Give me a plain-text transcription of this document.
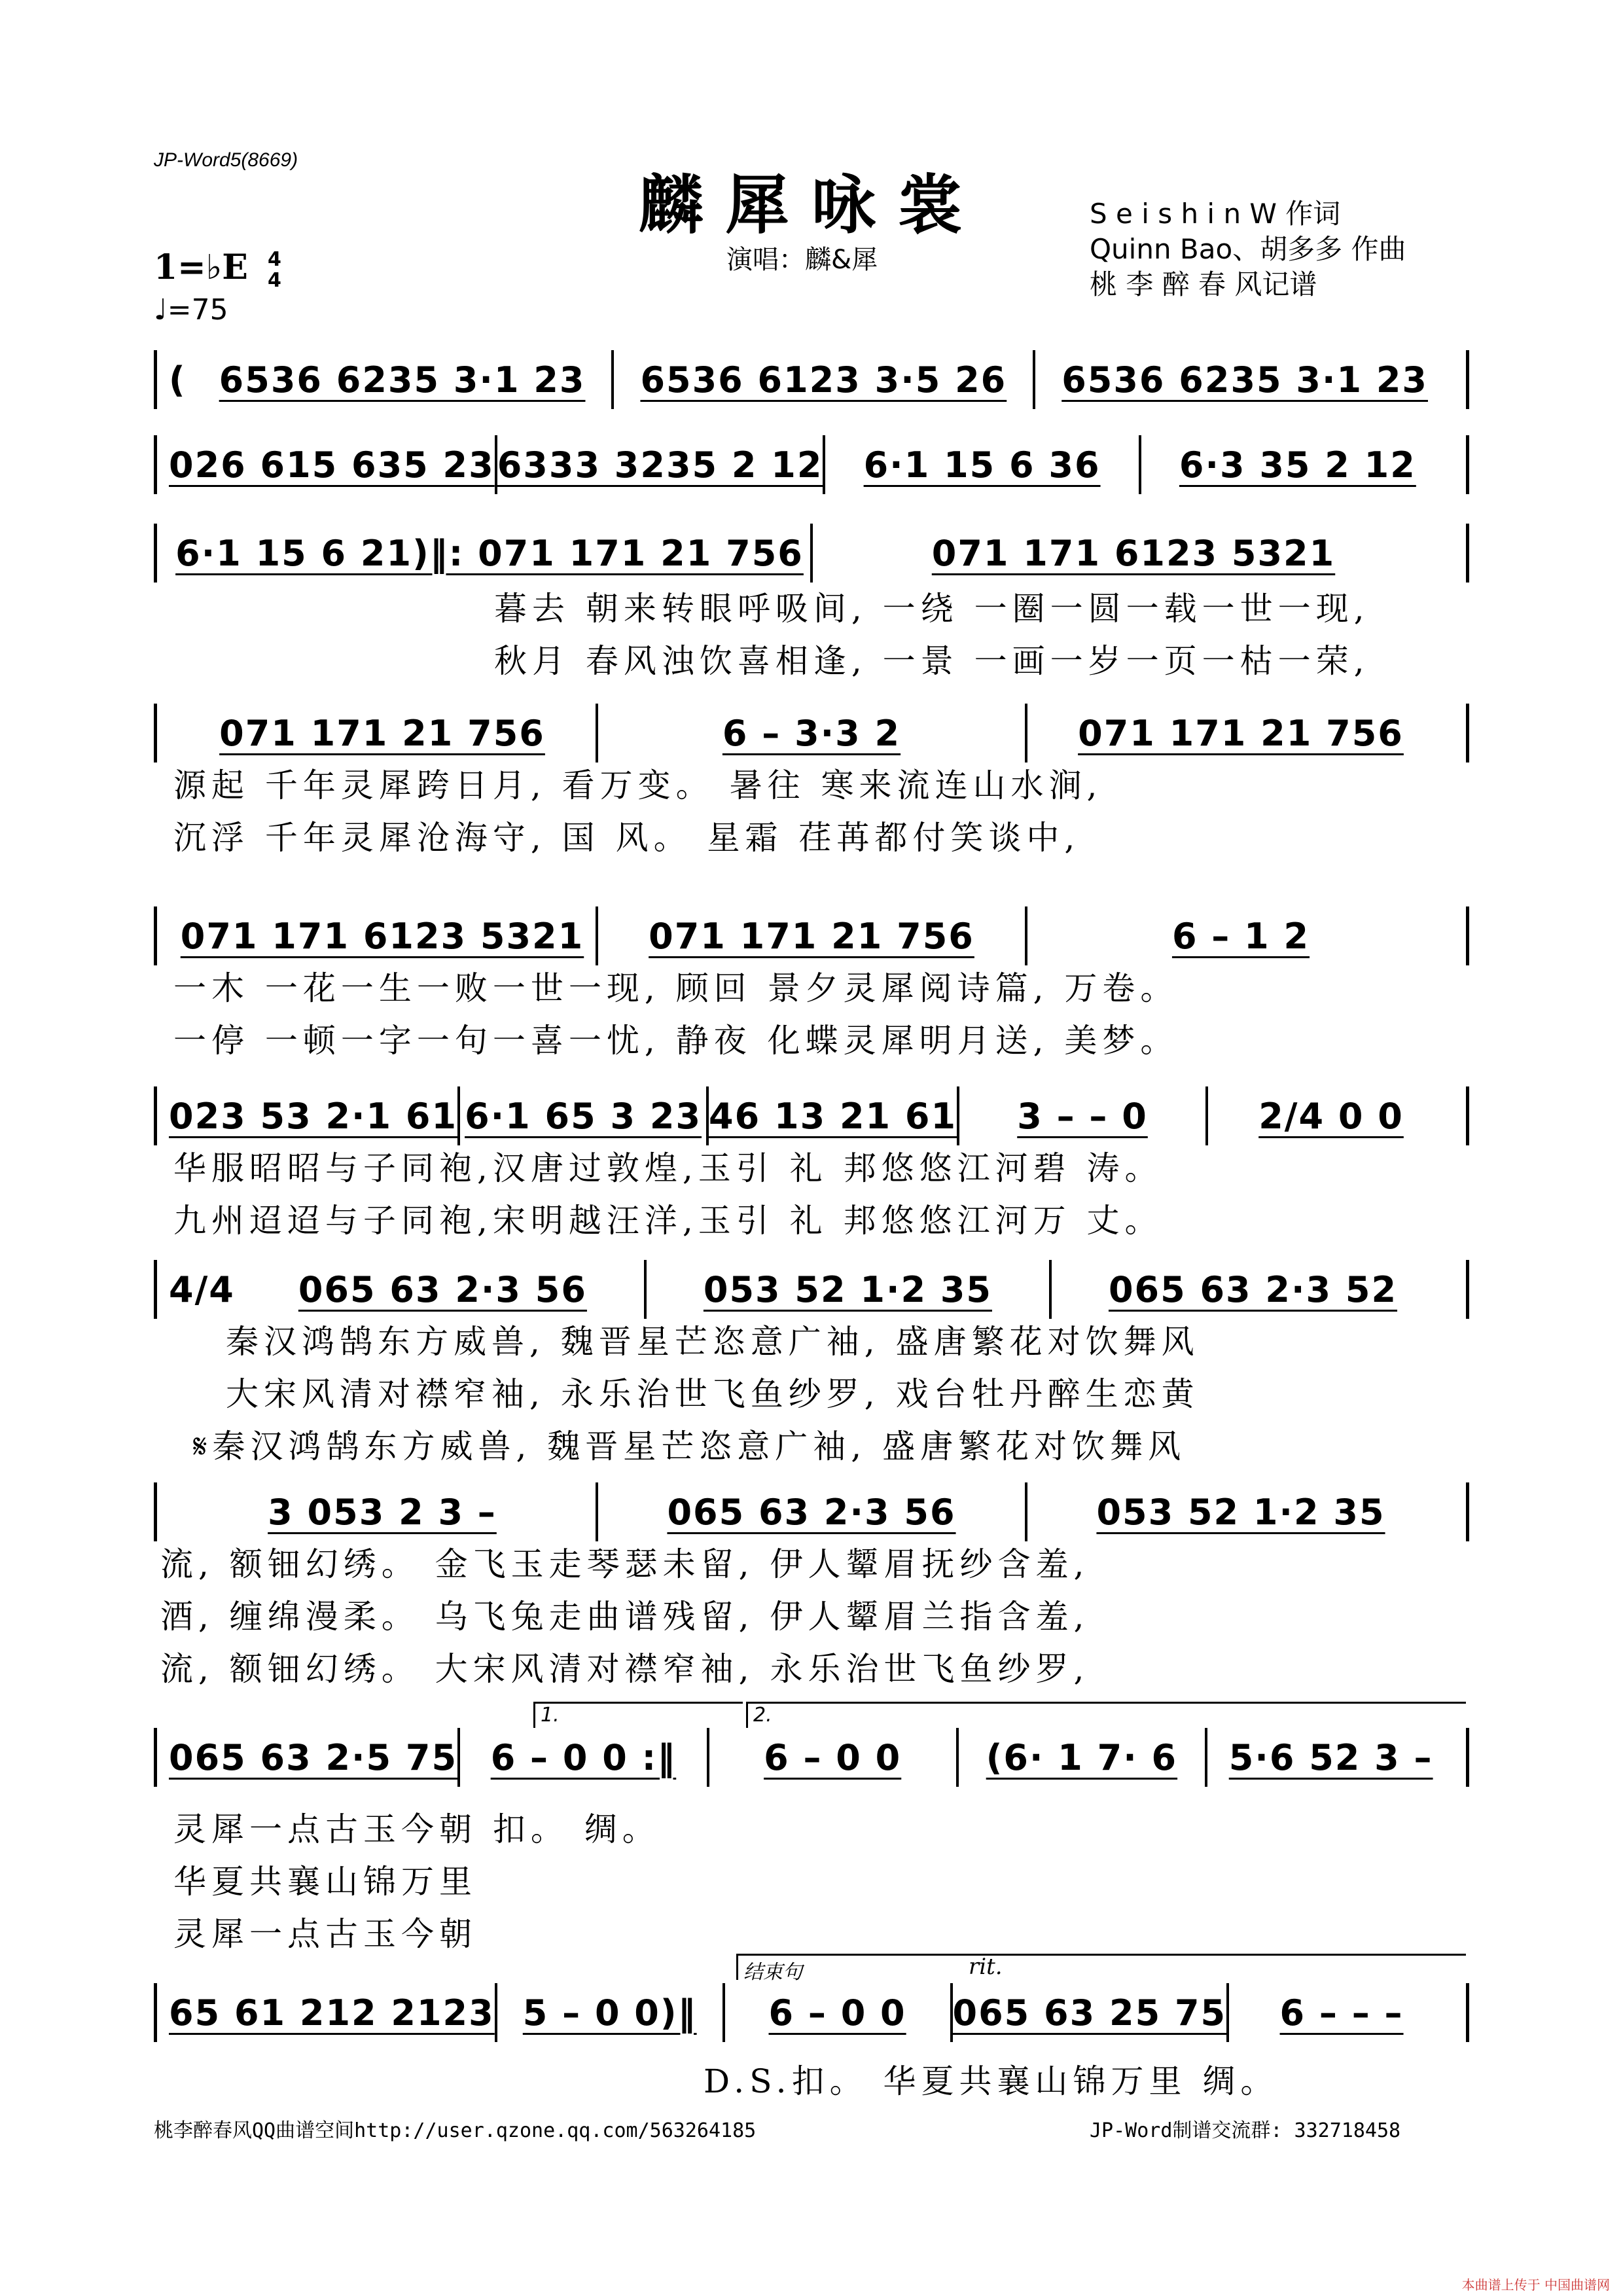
JP-Word5(8669)
麟犀咏裳
演唱：麟&犀
S e i s h i n W 作词
Quinn Bao、胡多多 作曲
桃 李 醉 春 风记谱
1=♭E 4
4
♩=75
( 6536 6235 3·1 23	6536 6123 3·5 26	6536 6235 3·1 23
026 615 635 23 6333 3235 2 12	6·1 15 6 36	6·3 35 2 12
6·1 15 6 21)‖: 071 171 21 756	071 171 6123 5321
071 171 21 756	6 – 3·3 2	071 171 21 756
071 171 6123 5321	071 171 21 756	6 – 1 2
023 53 2·1 61 6·1 65 3 23 46 13 21 61	3 – – 0	2/4 0 0
4/4	065 63 2·3 56	053 52 1·2 35	065 63 2·3 52
3 053 2 3 –	065 63 2·3 56	053 52 1·2 35
065 63 2·5 75 6 – 0 0 :‖	6 – 0 0	(6· 1 7· 6	5·6 52 3 –
65 61 212 2123 5 – 0 0)‖	6 – 0 0	065 63 25 75	6 – – –
暮去 朝来转眼呼吸间, 一绕 一圈一圆一载一世一现,
秋月 春风浊饮喜相逢, 一景 一画一岁一页一枯一荣,
源起 千年灵犀跨日月, 看万变。 暑往 寒来流连山水涧,
沉浮 千年灵犀沧海守, 国 风。 星霜 荏苒都付笑谈中,
一木 一花一生一败一世一现, 顾回 景夕灵犀阅诗篇, 万卷。
一停 一顿一字一句一喜一忧, 静夜 化蝶灵犀明月送, 美梦。
华服昭昭与子同袍,汉唐过敦煌,玉引 礼 邦悠悠江河碧 涛。
九州迢迢与子同袍,宋明越汪洋,玉引 礼 邦悠悠江河万 丈。
秦汉鸿鹄东方威兽, 魏晋星芒恣意广袖, 盛唐繁花对饮舞风
大宋风清对襟窄袖, 永乐治世飞鱼纱罗, 戏台牡丹醉生恋黄
𝄋秦汉鸿鹄东方威兽, 魏晋星芒恣意广袖, 盛唐繁花对饮舞风
流, 额钿幻绣。 金飞玉走琴瑟未留, 伊人颦眉抚纱含羞,
酒, 缠绵漫柔。 乌飞兔走曲谱残留, 伊人颦眉兰指含羞,
流, 额钿幻绣。 大宋风清对襟窄袖, 永乐治世飞鱼纱罗,
灵犀一点古玉今朝 扣。 绸。
华夏共襄山锦万里
灵犀一点古玉今朝
D.S.扣。 华夏共襄山锦万里 绸。
1.	2.
结束句	rit.
桃李醉春风QQ曲谱空间http://user.qzone.qq.com/563264185	JP-Word制谱交流群: 332718458
本曲谱上传于 中国曲谱网
